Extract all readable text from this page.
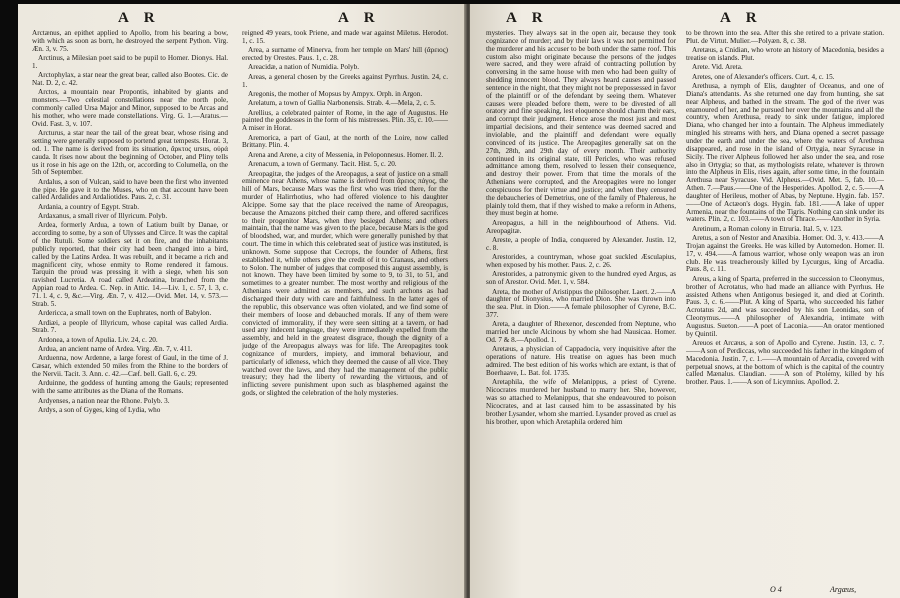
A R	A R

Arctænus, an epithet applied to Apollo, from his bearing a bow, with which as soon as born, he destroyed the serpent Python. Virg. Æn. 3, v. 75.

Arctinus, a Milesian poet said to be pupil to Homer. Dionys. Hal. 1.

Arctophylax, a star near the great bear, called also Bootes. Cic. de Nat. D. 2, c. 42.

Arctos, a mountain near Propontis, inhabited by giants and monsters.—Two celestial constellations near the north pole, commonly called Ursa Major and Minor, supposed to be Arcas and his mother, who were made constellations. Virg. G. 1.—Aratus.—Ovid. Fast. 3, v. 107.

Arcturus, a star near the tail of the great bear, whose rising and setting were generally supposed to portend great tempests. Horat. 3, od. 1. The name is derived from its situation, ἄρκτος ursus, οὐρά cauda. It rises now about the beginning of October, and Pliny tells us it rose in his age on the 12th, or, according to Columella, on the 5th of September.

Ardalus, a son of Vulcan, said to have been the first who invented the pipe. He gave it to the Muses, who on that account have been called Ardalides and Ardaliotides. Paus. 2, c. 31.

Ardania, a country of Egypt. Strab.

Ardaxanus, a small river of Illyricum. Polyb.

Ardea, formerly Ardua, a town of Latium built by Danae, or according to some, by a son of Ulysses and Circe. It was the capital of the Rutuli. Some soldiers set it on fire, and the inhabitants publicly reported, that their city had been changed into a bird, called by the Latins Ardea. It was rebuilt, and it became a rich and magnificent city, whose enmity to Rome rendered it famous. Tarquin the proud was pressing it with a siege, when his son ravished Lucretia. A road called Ardeatina, branched from the Appian road to Ardea. C. Nep. in Attic. 14.—Liv. 1, c. 57, l. 3, c. 71. l. 4, c. 9, &c.—Virg. Æn. 7, v. 412.—Ovid. Met. 14, v. 573.—Strab. 5.

Ardericca, a small town on the Euphrates, north of Babylon.

Ardiæi, a people of Illyricum, whose capital was called Ardia. Strab. 7.

Ardonea, a town of Apulia. Liv. 24, c. 20.

Ardua, an ancient name of Ardea. Virg. Æn. 7, v. 411.

Arduenna, now Ardenne, a large forest of Gaul, in the time of J. Cæsar, which extended 50 miles from the Rhine to the borders of the Nervii. Tacit. 3. Ann. c. 42.—Cæf. bell. Gall. 6, c. 29.

Arduinne, the goddess of hunting among the Gauls; represented with the same attributes as the Diana of the Romans.

Ardyenses, a nation near the Rhone. Polyb. 3.

Ardys, a son of Gyges, king of Lydia, who

reigned 49 years, took Priene, and made war against Miletus. Herodot. 1, c. 15.

Area, a surname of Minerva, from her temple on Mars' hill (ἄρειος) erected by Orestes. Paus. 1, c. 28.

Areacidæ, a nation of Numidia. Polyb.

Areas, a general chosen by the Greeks against Pyrrhus. Justin. 24, c. 1.

Aregonis, the mother of Mopsus by Ampyx. Orph. in Argon.

Arelatum, a town of Gallia Narbonensis. Strab. 4.—Mela, 2, c. 5.

Arellius, a celebrated painter of Rome, in the age of Augustus. He painted the goddesses in the form of his mistresses. Plin. 35, c. 10.——A miser in Horat.

Aremorica, a part of Gaul, at the north of the Loire, now called Brittany. Plin. 4.

Arena and Arene, a city of Messenia, in Peloponnesus. Homer. Il. 2.

Arenacum, a town of Germany. Tacit. Hist. 5, c. 20.

Areopagitæ, the judges of the Areopagus, a seat of justice on a small eminence near Athens, whose name is derived from ἄρειος πάγος, the hill of Mars, because Mars was the first who was tried there, for the murder of Halirrhotius, who had offered violence to his daughter Alcippe. Some say that the place received the name of Areopagus, because the Amazons pitched their camp there, and offered sacrifices to their progenitor Mars, when they besieged Athens; and others maintain, that the name was given to the place, because Mars is the god of bloodshed, war, and murder, which were generally punished by that court. The time in which this celebrated seat of justice was instituted, is unknown. Some suppose that Cecrops, the founder of Athens, first established it, while others give the credit of it to Cranaus, and others to Solon. The number of judges that composed this august assembly, is not known. They have been limited by some to 9, to 31, to 51, and sometimes to a greater number. The most worthy and religious of the Athenians were admitted as members, and such archons as had discharged their duty with care and faithfulness. In the latter ages of the republic, this observance was often violated, and we find some of their members of loose and debauched morals. If any of them were convicted of immorality, if they were seen sitting at a tavern, or had used any indecent language, they were immediately expelled from the assembly, and held in the greatest disgrace, though the dignity of a judge of the Areopagus always was for life. The Areopagites took cognizance of murders, impiety, and immoral behaviour, and particularly of idleness, which they deemed the cause of all vice. They watched over the laws, and they had the management of the public treasury; they had the liberty of rewarding the virtuous, and of inflicting severe punishment upon such as blasphemed against the gods, or slighted the celebration of the holy mysteries.

A R	A R

mysteries. They always sat in the open air, because they took cognizance of murder; and by their laws it was not permitted for the murderer and his accuser to be both under the same roof. This custom also might originate because the persons of the judges were sacred, and they were afraid of contracting pollution by conversing in the same house with men who had been guilty of shedding innocent blood. They always heard causes and passed sentence in the night, that they might not be prepossessed in favor of the plaintiff or of the defendant by seeing them. Whatever causes were pleaded before them, were to be divested of all oratory and fine speaking, lest eloquence should charm their ears, and corrupt their judgment. Hence arose the most just and most impartial decisions, and their sentence was deemed sacred and inviolable, and the plaintiff and defendant were equally convinced of its justice. The Areopagites generally sat on the 27th, 28th, and 29th day of every month. Their authority continued in its original state, till Pericles, who was refused admittance among them, resolved to lessen their consequence, and destroy their power. From that time the morals of the Athenians were corrupted, and the Areopagites were no longer conspicuous for their virtue and justice; and when they censured the debaucheries of Demetrius, one of the family of Phalereus, he plainly told them, that if they wished to make a reform in Athens, they must begin at home.

Areopagus, a hill in the neighbourhood of Athens. Vid. Areopagitæ.

Areste, a people of India, conquered by Alexander. Justin. 12, c. 8.

Arestorides, a countryman, whose goat suckled Æsculapius, when exposed by his mother. Paus. 2, c. 26.

Arestorides, a patronymic given to the hundred eyed Argus, as son of Arestor. Ovid. Met. 1, v. 584.

Areta, the mother of Aristippus the philosopher. Laert. 2.——A daughter of Dionysius, who married Dion. She was thrown into the sea. Plut. in Dion.——A female philosopher of Cyrene, B.C. 377.

Areta, a daughter of Rhexenor, descended from Neptune, who married her uncle Alcinous by whom she had Nausicaa. Homer. Od. 7 & 8.—Apollod. 1.

Aretæus, a physician of Cappadocia, very inquisitive after the operations of nature. His treatise on agues has been much admired. The best edition of his works which are extant, is that of Boerhaave, L. Bat. fol. 1735.

Aretaphila, the wife of Melanippus, a priest of Cyrene. Nicocrates murdered her husband to marry her. She, however, was so attached to Melanippus, that she endeavoured to poison Nicocrates, and at last caused him to be assassinated by his brother Lysander, whom she married. Lysander proved as cruel as his brother, upon which Aretaphila ordered him

to be thrown into the sea. After this she retired to a private station. Plut. de Virtut. Mulier.—Polyæn. 8, c. 38.

Aretæus, a Cnidian, who wrote an history of Macedonia, besides a treatise on islands. Plut.

Arete. Vid. Areta.

Aretes, one of Alexander's officers. Curt. 4, c. 15.

Arethusa, a nymph of Elis, daughter of Oceanus, and one of Diana's attendants. As she returned one day from hunting, she sat near Alpheus, and bathed in the stream. The god of the river was enamoured of her, and he pursued her over the mountains and all the country, when Arethusa, ready to sink under fatigue, implored Diana, who changed her into a fountain. The Alpheus immediately mingled his streams with hers, and Diana opened a secret passage under the earth and under the sea, where the waters of Arethusa disappeared, and rose in the island of Ortygia, near Syracuse in Sicily. The river Alpheus followed her also under the sea, and rose also in Ortygia; so that, as mythologists relate, whatever is thrown into the Alpheus in Elis, rises again, after some time, in the fountain Arethusa near Syracuse. Vid. Alpheus.—Ovid. Met. 5, fab. 10.—Athen. 7.—Paus.——One of the Hesperides. Apollod. 2, c. 5.——A daughter of Herileus, mother of Abas, by Neptune. Hygin. fab. 157.——One of Actæon's dogs. Hygin. fab. 181.——A lake of upper Armenia, near the fountains of the Tigris. Nothing can sink under its waters. Plin. 2, c. 103.——A town of Thrace.——Another in Syria.

Aretinum, a Roman colony in Etruria. Ital. 5, v. 123.

Aretus, a son of Nestor and Anaxibia. Homer. Od. 3, v. 413.——A Trojan against the Greeks. He was killed by Automedon. Homer. Il. 17, v. 494.——A famous warrior, whose only weapon was an iron club. He was treacherously killed by Lycurgus, king of Arcadia. Paus. 8, c. 11.

Areus, a king of Sparta, preferred in the succession to Cleonymus, brother of Acrotatus, who had made an alliance with Pyrrhus. He assisted Athens when Antigonus besieged it, and died at Corinth. Paus. 3, c. 6.——Plut. A king of Sparta, who succeeded his father Acrotatus 2d, and was succeeded by his son Leonidas, son of Cleonymus.——A philosopher of Alexandria, intimate with Augustus. Sueton.——A poet of Laconia.——An orator mentioned by Quintil.

Areuos et Arcæus, a son of Apollo and Cyrene. Justin. 13, c. 7.——A son of Perdiccas, who succeeded his father in the kingdom of Macedonia. Justin. 7, c. 1.——A mountain of Arcadia, covered with perpetual snows, at the bottom of which is the capital of the country called Mænalus. Claudian. ——A son of Ptolemy, killed by his brother. Paus. 1.——A son of Licymnius. Apollod. 2.

O 4	Argæus,
